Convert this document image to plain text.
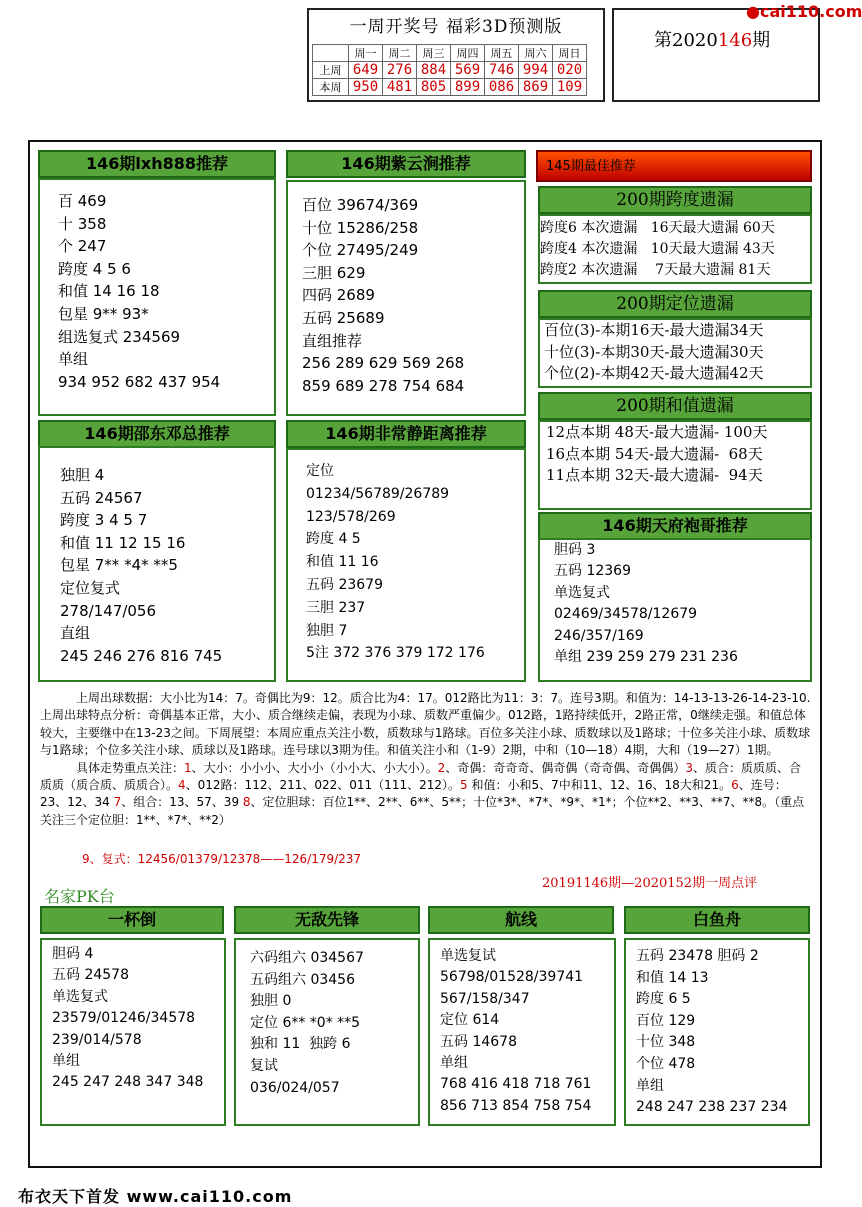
一周开奖号 福彩3D预测版
	周一	周二	周三	周四	周五	周六	周日
上周	649	276	884	569	746	994	020
本周	950	481	805	899	086	869	109
第2020146期
●cai110.com
146期lxh888推荐
百 469
十 358
个 247
跨度 4 5 6
和值 14 16 18
包星 9** 93*
组选复式 234569
单组
934 952 682 437 954
146期紫云涧推荐
百位 39674/369
十位 15286/258
个位 27495/249
三胆 629
四码 2689
五码 25689
直组推荐
256 289 629 569 268
859 689 278 754 684
145期最佳推荐
200期跨度遗漏
跨度6 本次遗漏   16天最大遗漏 60天
跨度4 本次遗漏   10天最大遗漏 43天
跨度2 本次遗漏    7天最大遗漏 81天
200期定位遗漏
百位(3)-本期16天-最大遗漏34天
十位(3)-本期30天-最大遗漏30天
个位(2)-本期42天-最大遗漏42天
200期和值遗漏
12点本期 48天-最大遗漏- 100天
16点本期 54天-最大遗漏-  68天
11点本期 32天-最大遗漏-  94天
146期邵东邓总推荐
独胆 4
五码 24567
跨度 3 4 5 7
和值 11 12 15 16
包星 7** *4* **5
定位复式
278/147/056
直组
245 246 276 816 745
146期非常静距离推荐
定位
01234/56789/26789
123/578/269
跨度 4 5
和值 11 16
五码 23679
三胆 237
独胆 7
5注 372 376 379 172 176
146期天府袍哥推荐
胆码 3
五码 12369
单选复式
02469/34578/12679
246/357/169
单组 239 259 279 231 236
上周出球数据：大小比为14：7。奇偶比为9：12。质合比为4：17。012路比为11：3：7。连号3期。和值为：14-13-13-26-14-23-10.上周出球特点分析：奇偶基本正常，大小、质合继续走偏，表现为小球、质数严重偏少。012路，1路持续低开，2路正常，0继续走强。和值总体较大，主要继中在13-23之间。下周展望：本周应重点关注小数，质数球与1路球。百位多关注小球、质数球以及1路球；十位多关注小球、质数球与1路球；个位多关注小球、质球以及1路球。连号球以3期为佳。和值关注小和（1-9）2期，中和（10—18）4期，大和（19—27）1期。
具体走势重点关注：1、大小：小小小、大小小（小小大、小大小）。2、奇偶：奇奇奇、偶奇偶（奇奇偶、奇偶偶）3、质合：质质质、合质质（质合质、质质合）。4、012路：112、211、022、011（111、212）。5 和值：小和5、7中和11、12、16、18大和21。6、连号：23、12、34 7、组合：13、57、39 8、定位胆球：百位1**、2**、6**、5**；十位*3*、*7*、*9*、*1*；个位**2、**3、**7、**8。（重点关注三个定位胆：1**、*7*、**2）
9、复式：12456/01379/12378——126/179/237
20191146期—2020152期一周点评
名家PK台
一杯倒
胆码 4
五码 24578
单选复式
23579/01246/34578
239/014/578
单组
245 247 248 347 348
无敌先锋
六码组六 034567
五码组六 03456
独胆 0
定位 6** *0* **5
独和 11  独跨 6
复试
036/024/057
航线
单选复试
56798/01528/39741
567/158/347
定位 614
五码 14678
单组
768 416 418 718 761
856 713 854 758 754
白鱼舟
五码 23478 胆码 2
和值 14 13
跨度 6 5
百位 129
十位 348
个位 478
单组
248 247 238 237 234
布衣天下首发 www.cai110.com
